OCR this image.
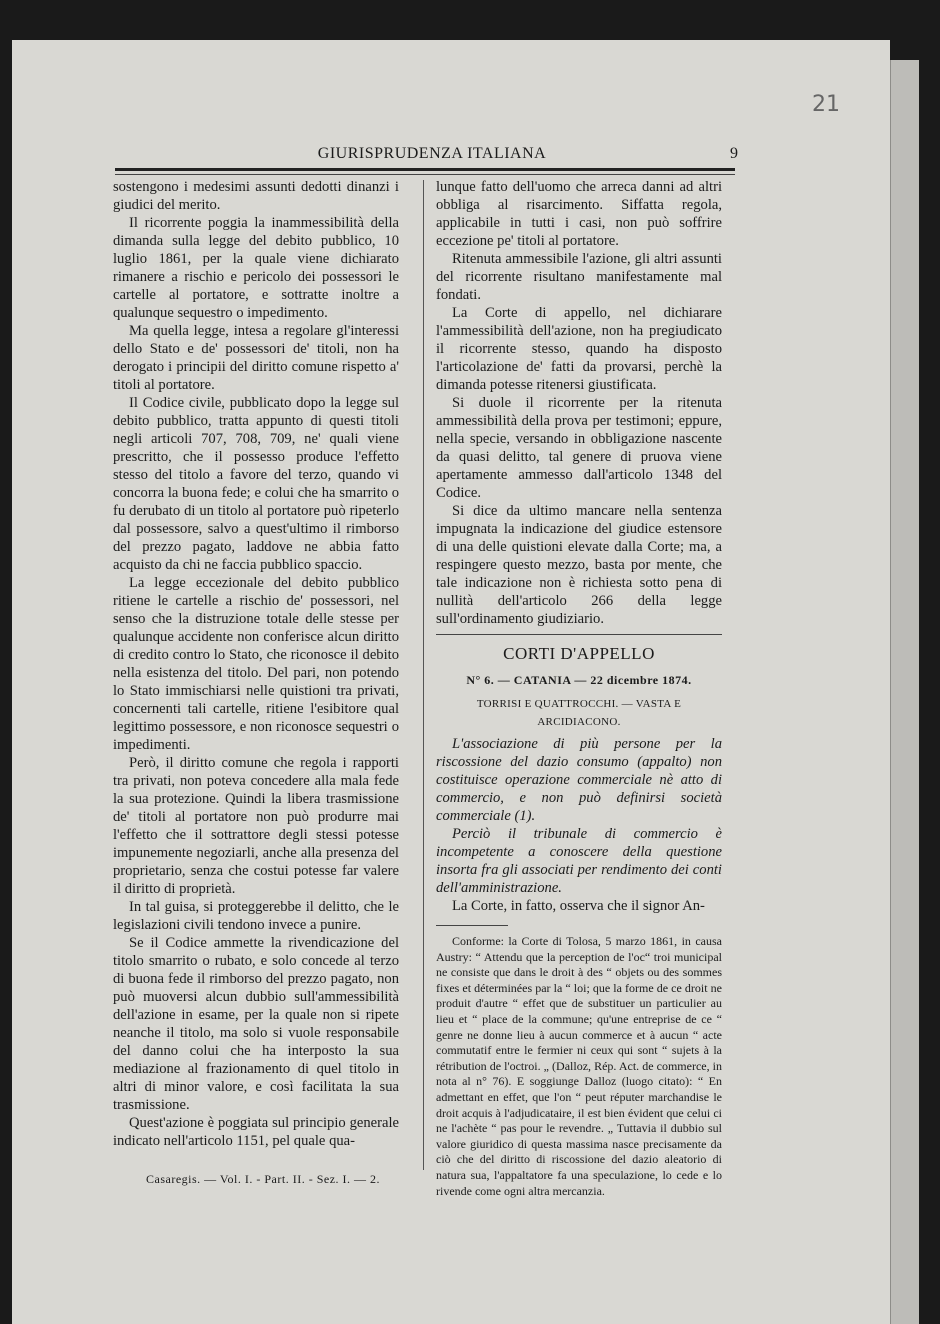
21
GIURISPRUDENZA ITALIANA	9

sostengono i medesimi assunti dedotti dinanzi i giudici del merito.

Il ricorrente poggia la inammessibilità della dimanda sulla legge del debito pubblico, 10 luglio 1861, per la quale viene dichiarato rimanere a rischio e pericolo dei possessori le cartelle al portatore, e sottratte inoltre a qualunque sequestro o impedimento.

Ma quella legge, intesa a regolare gl'interessi dello Stato e de' possessori de' titoli, non ha derogato i principii del diritto comune rispetto a' titoli al portatore.

Il Codice civile, pubblicato dopo la legge sul debito pubblico, tratta appunto di questi titoli negli articoli 707, 708, 709, ne' quali viene prescritto, che il possesso produce l'effetto stesso del titolo a favore del terzo, quando vi concorra la buona fede; e colui che ha smarrito o fu derubato di un titolo al portatore può ripeterlo dal possessore, salvo a quest'ultimo il rimborso del prezzo pagato, laddove ne abbia fatto acquisto da chi ne faccia pubblico spaccio.

La legge eccezionale del debito pubblico ritiene le cartelle a rischio de' possessori, nel senso che la distruzione totale delle stesse per qualunque accidente non conferisce alcun diritto di credito contro lo Stato, che riconosce il debito nella esistenza del titolo. Del pari, non potendo lo Stato immischiarsi nelle quistioni tra privati, concernenti tali cartelle, ritiene l'esibitore qual legittimo possessore, e non riconosce sequestri o impedimenti.

Però, il diritto comune che regola i rapporti tra privati, non poteva concedere alla mala fede la sua protezione. Quindi la libera trasmissione de' titoli al portatore non può produrre mai l'effetto che il sottrattore degli stessi potesse impunemente negoziarli, anche alla presenza del proprietario, senza che costui potesse far valere il diritto di proprietà.

In tal guisa, si proteggerebbe il delitto, che le legislazioni civili tendono invece a punire.

Se il Codice ammette la rivendicazione del titolo smarrito o rubato, e solo concede al terzo di buona fede il rimborso del prezzo pagato, non può muoversi alcun dubbio sull'ammessibilità dell'azione in esame, per la quale non si ripete neanche il titolo, ma solo si vuole responsabile del danno colui che ha interposto la sua mediazione al frazionamento di quel titolo in altri di minor valore, e così facilitata la sua trasmissione.

Quest'azione è poggiata sul principio generale indicato nell'articolo 1151, pel quale qua-

lunque fatto dell'uomo che arreca danni ad altri obbliga al risarcimento. Siffatta regola, applicabile in tutti i casi, non può soffrire eccezione pe' titoli al portatore.

Ritenuta ammessibile l'azione, gli altri assunti del ricorrente risultano manifestamente mal fondati.

La Corte di appello, nel dichiarare l'ammessibilità dell'azione, non ha pregiudicato il ricorrente stesso, quando ha disposto l'articolazione de' fatti da provarsi, perchè la dimanda potesse ritenersi giustificata.

Si duole il ricorrente per la ritenuta ammessibilità della prova per testimoni; eppure, nella specie, versando in obbligazione nascente da quasi delitto, tal genere di pruova viene apertamente ammesso dall'articolo 1348 del Codice.

Si dice da ultimo mancare nella sentenza impugnata la indicazione del giudice estensore di una delle quistioni elevate dalla Corte; ma, a respingere questo mezzo, basta por mente, che tale indicazione non è richiesta sotto pena di nullità dell'articolo 266 della legge sull'ordinamento giudiziario.

CORTI D'APPELLO
N° 6. — CATANIA — 22 dicembre 1874.
TORRISI E QUATTROCCHI. — VASTA E ARCIDIACONO.

L'associazione di più persone per la riscossione del dazio consumo (appalto) non costituisce operazione commerciale nè atto di commercio, e non può definirsi società commerciale (1).

Perciò il tribunale di commercio è incompetente a conoscere della questione insorta fra gli associati per rendimento dei conti dell'amministrazione.

La Corte, in fatto, osserva che il signor An-

Conforme: la Corte di Tolosa, 5 marzo 1861, in causa Austry: “ Attendu que la perception de l'oc“ troi municipal ne consiste que dans le droit à des “ objets ou des sommes fixes et déterminées par la “ loi; que la forme de ce droit ne produit d'autre “ effet que de substituer un particulier au lieu et “ place de la commune; qu'une entreprise de ce “ genre ne donne lieu à aucun commerce et à aucun “ acte commutatif entre le fermier ni ceux qui sont “ sujets à la rétribution de l'octroi. „ (Dalloz, Rép. Act. de commerce, in nota al n° 76). E soggiunge Dalloz (luogo citato): “ En admettant en effet, que l'on “ peut réputer marchandise le droit acquis à l'adjudicataire, il est bien évident que celui ci ne l'achète “ pas pour le revendre. „ Tuttavia il dubbio sul valore giuridico di questa massima nasce precisamente da ciò che del diritto di riscossione del dazio aleatorio di natura sua, l'appaltatore fa una speculazione, lo cede e lo rivende come ogni altra mercanzia.

Casaregis. — Vol. I. - Part. II. - Sez. I. — 2.
